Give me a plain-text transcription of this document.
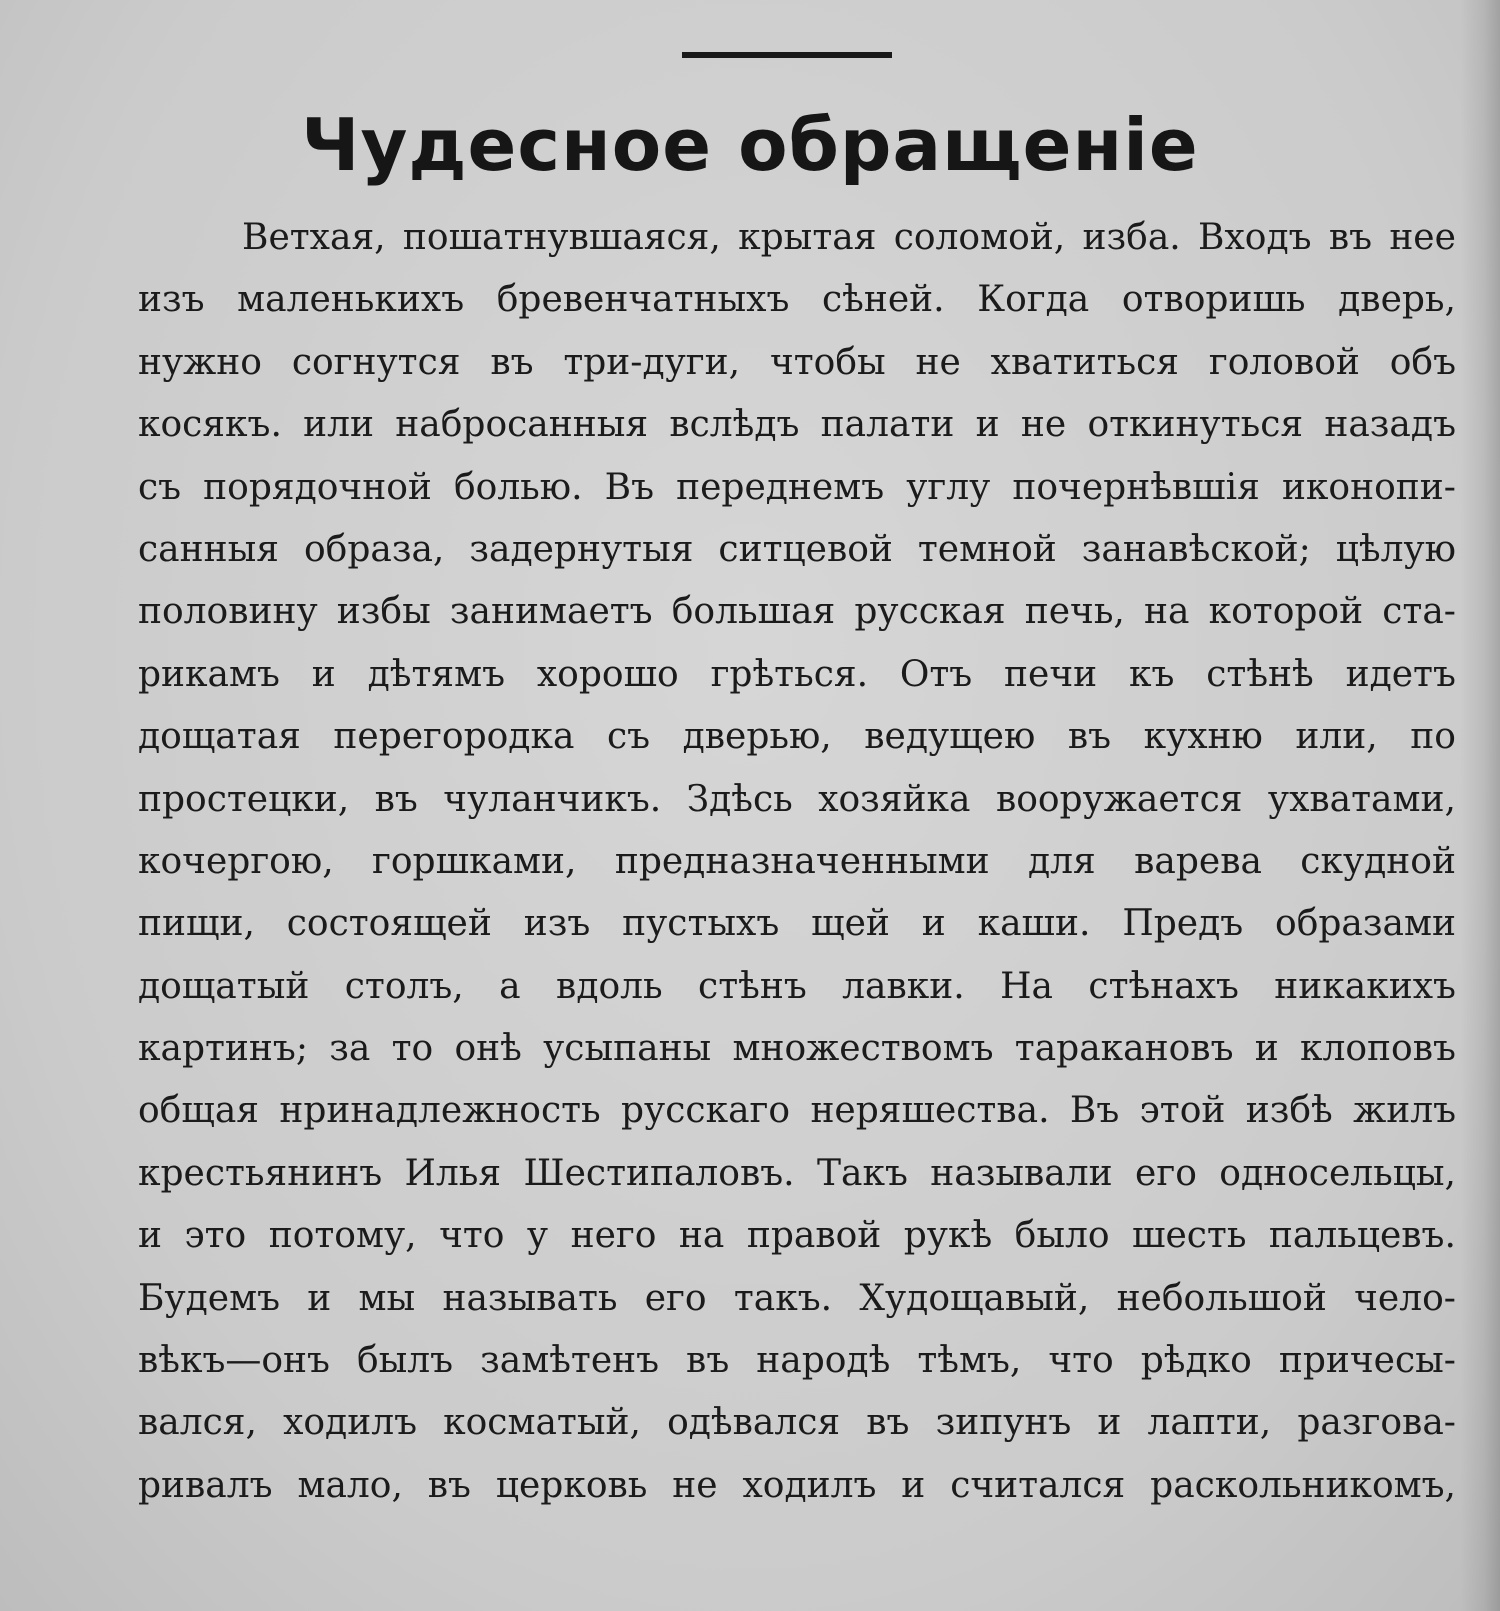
Чудесное обращеніе
Ветхая, пошатнувшаяся, крытая соломой, изба. Входъ въ нее
изъ маленькихъ бревенчатныхъ сѣней. Когда отворишь дверь,
нужно согнутся въ три-дуги, чтобы не хватиться головой объ
косякъ. или набросанныя вслѣдъ палати и не откинуться назадъ
съ порядочной болью. Въ переднемъ углу почернѣвшія иконопи-
санныя образа, задернутыя ситцевой темной занавѣской; цѣлую
половину избы занимаетъ большая русская печь, на которой ста-
рикамъ и дѣтямъ хорошо грѣться. Отъ печи къ стѣнѣ идетъ
дощатая перегородка съ дверью, ведущею въ кухню или, по
простецки, въ чуланчикъ. Здѣсь хозяйка вооружается ухватами,
кочергою, горшками, предназначенными для варева скудной
пищи, состоящей изъ пустыхъ щей и каши. Предъ образами
дощатый столъ, а вдоль стѣнъ лавки. На стѣнахъ никакихъ
картинъ; за то онѣ усыпаны множествомъ таракановъ и клоповъ
общая нринадлежность русскаго неряшества. Въ этой избѣ жилъ
крестьянинъ Илья Шестипаловъ. Такъ называли его односельцы,
и это потому, что у него на правой рукѣ было шесть пальцевъ.
Будемъ и мы называть его такъ. Худощавый, небольшой чело-
вѣкъ—онъ былъ замѣтенъ въ народѣ тѣмъ, что рѣдко причесы-
вался, ходилъ косматый, одѣвался въ зипунъ и лапти, разгова-
ривалъ мало, въ церковь не ходилъ и считался раскольникомъ,
